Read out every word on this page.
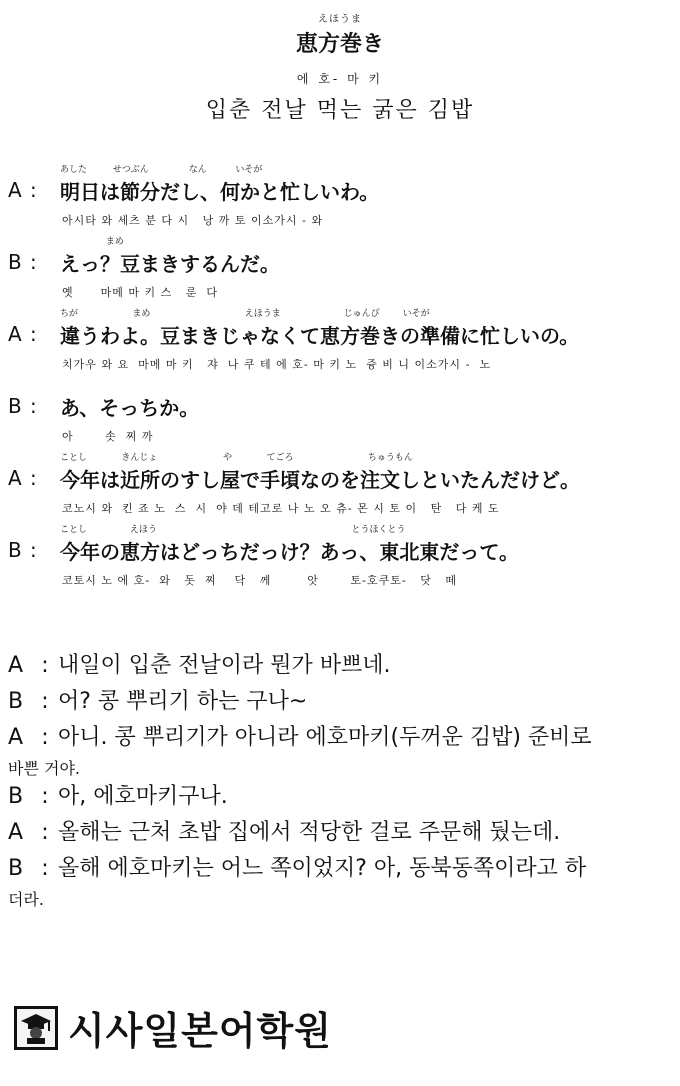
えほうま
恵方巻き
에 호- 마 키
입춘 전날 먹는 굵은 김밥
A :
あした         せつぶん              なん          いそが
明日は節分だし、何かと忙しいわ。
아시타 와 세츠 분 다 시   낭 까 토 이소가시 - 와
B :
まめ
えっ？豆まきするんだ。
옛      마메 마 키 스   룬  다
A :
ちが                   まめ                                 えほうま                      じゅんび        いそが
違うわよ。豆まきじゃなくて恵方巻きの準備に忙しいの。
치가우 와 요  마메 마 키   쟈  나 쿠 테 에 호- 마 키 노  즁 비 니 이소가시 -  노
B : あ、そっちか。
아       솟  찌 까
A :
ことし            きんじょ                       や            てごろ                          ちゅうもん
今年は近所のすし屋で手頃なのを注文しといたんだけど。
코노시 와  킨 죠 노  스  시  야 데 테고로 나 노 오 츄- 몬 시 토 이   탄   다 케 도
B :
ことし               えほう                                                                    とうほくとう
今年の恵方はどっちだっけ？あっ、東北東だって。
코토시 노 에 호-  와   돗  찌    닥   께        앗       토-호쿠토-   닷   떼
A : 내일이 입춘 전날이라 뭔가 바쁘네.
B : 어? 콩 뿌리기 하는 구나~
A : 아니. 콩 뿌리기가 아니라 에호마키(두꺼운 김밥) 준비로
바쁜 거야.
B : 아, 에호마키구나.
A : 올해는 근처 초밥 집에서 적당한 걸로 주문해 뒀는데.
B : 올해 에호마키는 어느 쪽이었지? 아, 동북동쪽이라고 하
더라.
시사일본어학원
